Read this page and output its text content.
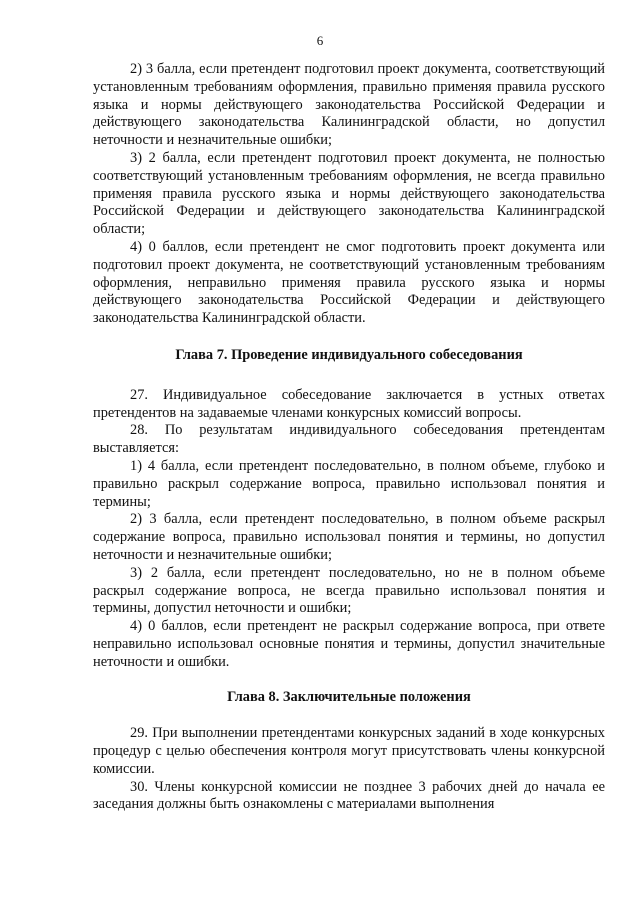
6

2) 3 балла, если претендент подготовил проект документа, соответствующий установленным требованиям оформления, правильно применяя правила русского языка и нормы действующего законодательства Российской Федерации и действующего законодательства Калининградской области, но допустил неточности и незначительные ошибки;

3) 2 балла, если претендент подготовил проект документа, не полностью соответствующий установленным требованиям оформления, не всегда правильно применяя правила русского языка и нормы действующего законодательства Российской Федерации и действующего законодательства Калининградской области;

4) 0 баллов, если претендент не смог подготовить проект документа или подготовил проект документа, не соответствующий установленным требованиям оформления, неправильно применяя правила русского языка и нормы действующего законодательства Российской Федерации и действующего законодательства Калининградской области.

Глава 7. Проведение индивидуального собеседования

27. Индивидуальное собеседование заключается в устных ответах претендентов на задаваемые членами конкурсных комиссий вопросы.

28. По результатам индивидуального собеседования претендентам выставляется:

1) 4 балла, если претендент последовательно, в полном объеме, глубоко и правильно раскрыл содержание вопроса, правильно использовал понятия и термины;

2) 3 балла, если претендент последовательно, в полном объеме раскрыл содержание вопроса, правильно использовал понятия и термины, но допустил неточности и незначительные ошибки;

3) 2 балла, если претендент последовательно, но не в полном объеме раскрыл содержание вопроса, не всегда правильно использовал понятия и термины, допустил неточности и ошибки;

4) 0 баллов, если претендент не раскрыл содержание вопроса, при ответе неправильно использовал основные понятия и термины, допустил значительные неточности и ошибки.

Глава 8. Заключительные положения

29. При выполнении претендентами конкурсных заданий в ходе конкурсных процедур с целью обеспечения контроля могут присутствовать члены конкурсной комиссии.

30. Члены конкурсной комиссии не позднее 3 рабочих дней до начала ее заседания должны быть ознакомлены с материалами выполнения
